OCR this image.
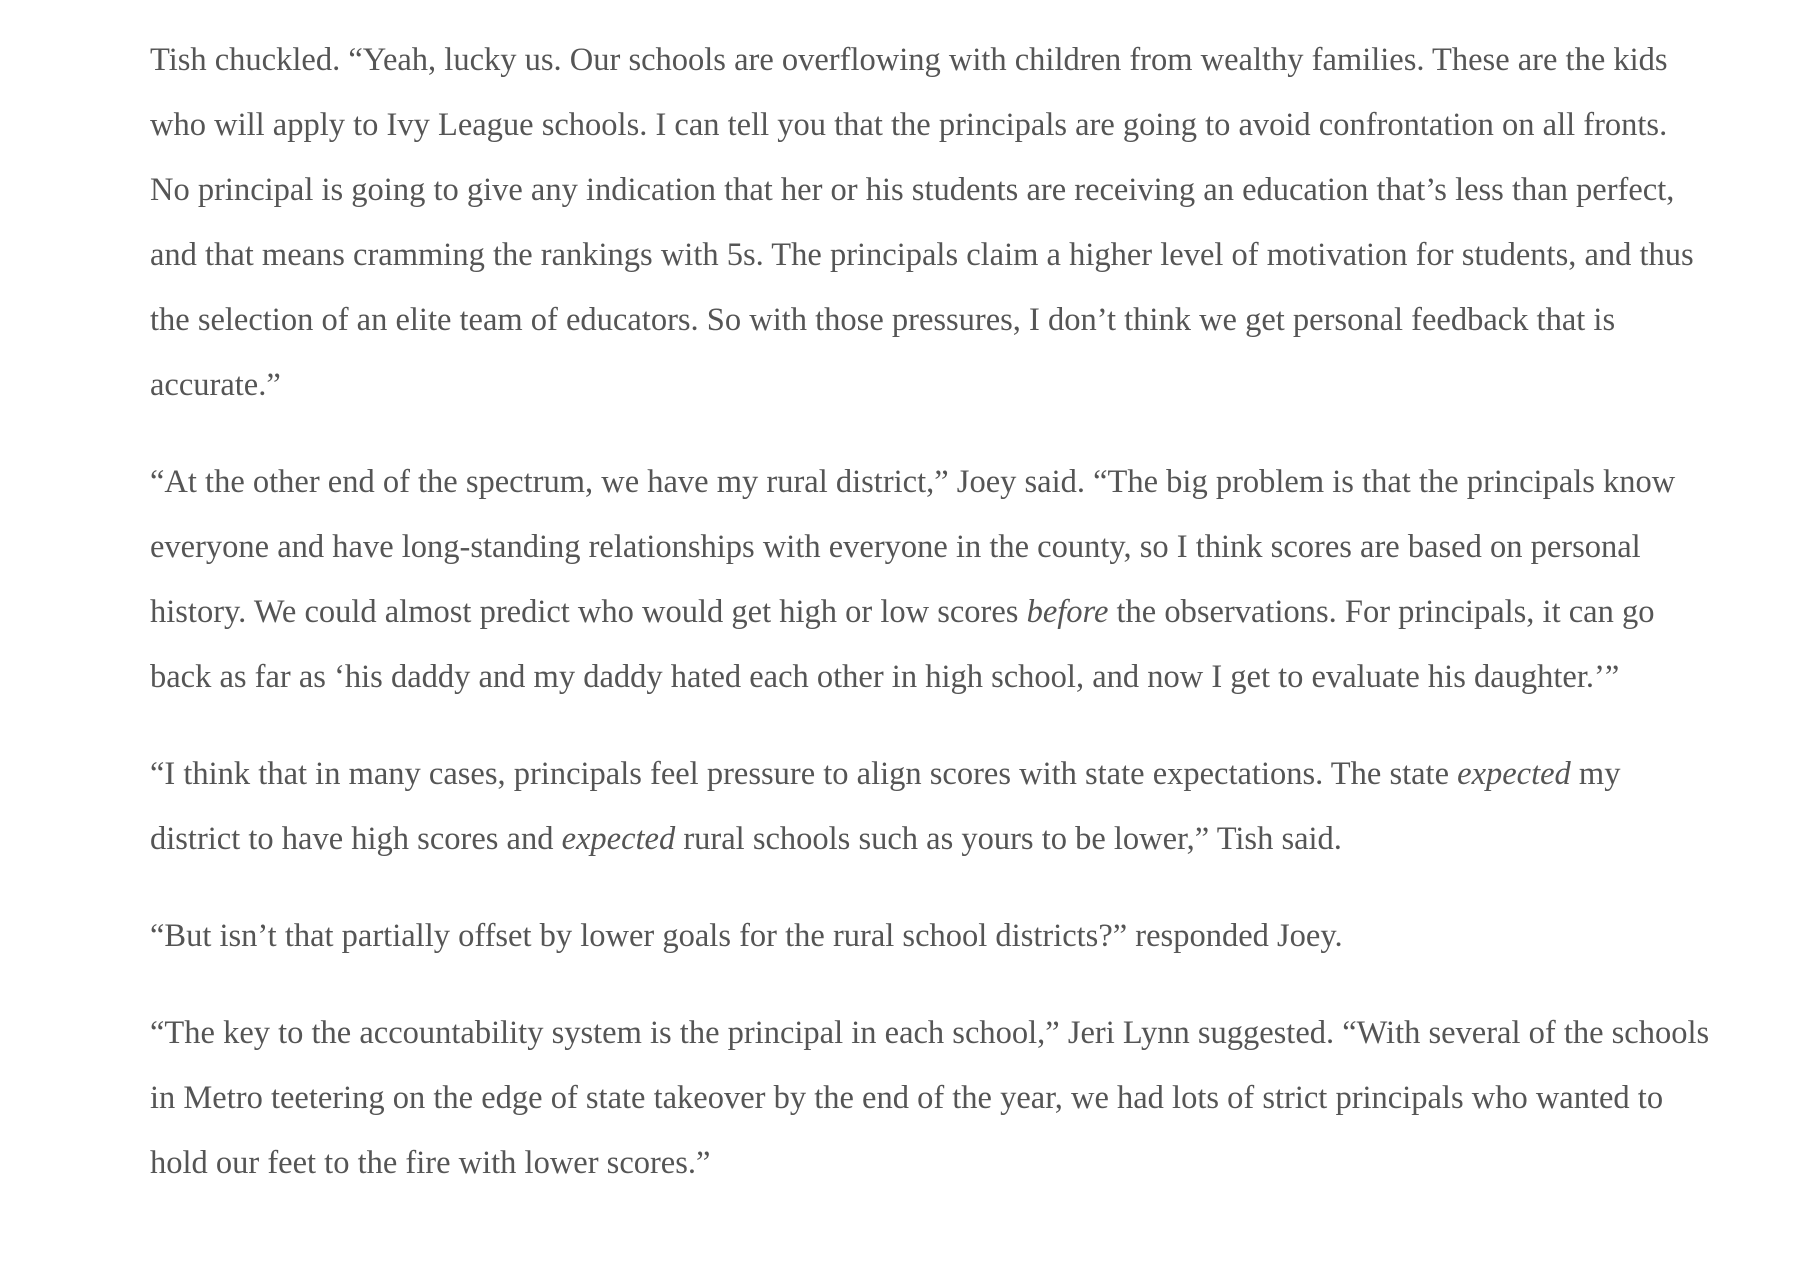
Tish chuckled. “Yeah, lucky us. Our schools are overflowing with children from wealthy families. These are the kids who will apply to Ivy League schools. I can tell you that the principals are going to avoid confrontation on all fronts. No principal is going to give any indication that her or his students are receiving an education that’s less than perfect, and that means cramming the rankings with 5s. The principals claim a higher level of motivation for students, and thus the selection of an elite team of educators. So with those pressures, I don’t think we get personal feedback that is accurate.”

“At the other end of the spectrum, we have my rural district,” Joey said. “The big problem is that the principals know everyone and have long-standing relationships with everyone in the county, so I think scores are based on personal history. We could almost predict who would get high or low scores before the observations. For principals, it can go back as far as ‘his daddy and my daddy hated each other in high school, and now I get to evaluate his daughter.’”

“I think that in many cases, principals feel pressure to align scores with state expectations. The state expected my district to have high scores and expected rural schools such as yours to be lower,” Tish said.

“But isn’t that partially offset by lower goals for the rural school districts?” responded Joey.

“The key to the accountability system is the principal in each school,” Jeri Lynn suggested. “With several of the schools in Metro teetering on the edge of state takeover by the end of the year, we had lots of strict principals who wanted to hold our feet to the fire with lower scores.”
